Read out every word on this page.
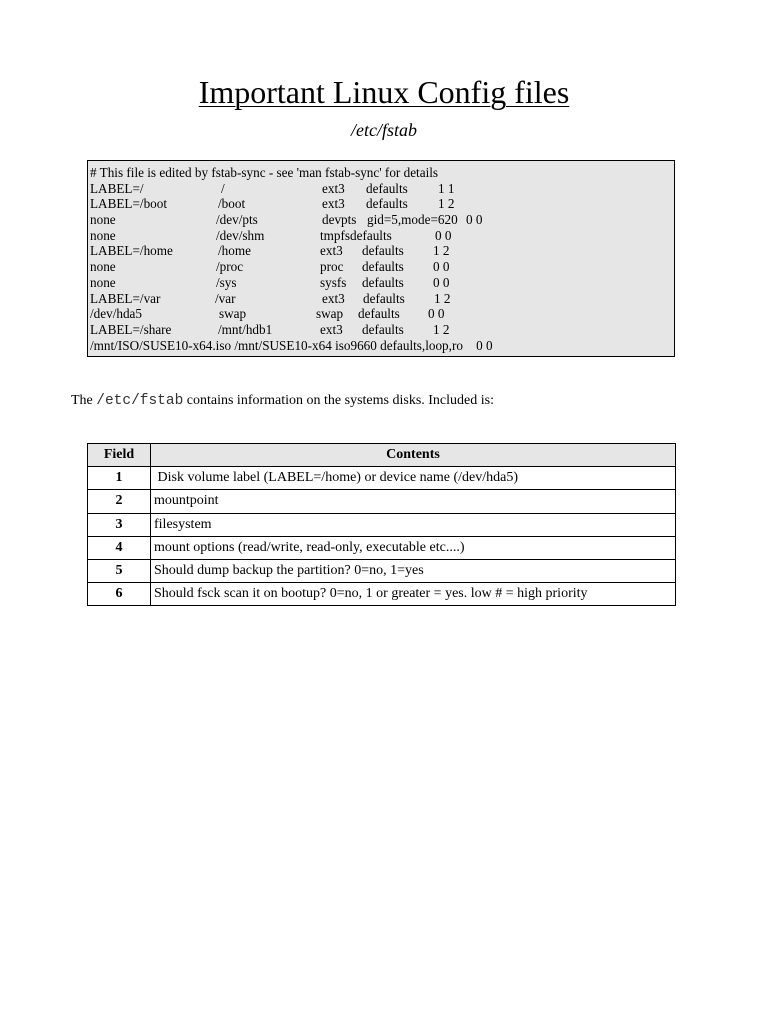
Important Linux Config files
/etc/fstab
# This file is edited by fstab-sync - see 'man fstab-sync' for details
LABEL=/	/	ext3 defaults 1 1
LABEL=/boot	/boot	ext3 defaults 1 2
none	/dev/pts	devpts gid=5,mode=620 0 0
none	/dev/shm	tmpfs defaults	0 0
LABEL=/home	/home	ext3 defaults 1 2
none	/proc	proc defaults 0 0
none	/sys	sysfs defaults 0 0
LABEL=/var	/var	ext3 defaults 1 2
/dev/hda5	swap	swap defaults 0 0
LABEL=/share	/mnt/hdb1	ext3 defaults 1 2
/mnt/ISO/SUSE10-x64.iso /mnt/SUSE10-x64 iso9660 defaults,loop,ro    0 0
The /etc/fstab contains information on the systems disks. Included is:
Field	Contents
1	Disk volume label (LABEL=/home) or device name (/dev/hda5)
2	mountpoint
3	filesystem
4	mount options (read/write, read-only, executable etc....)
5	Should dump backup the partition? 0=no, 1=yes
6	Should fsck scan it on bootup? 0=no, 1 or greater = yes. low # = high priority
